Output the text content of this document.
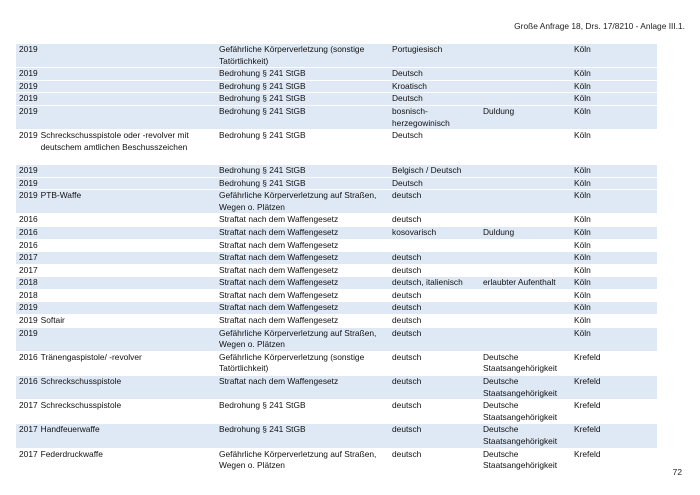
Große Anfrage 18, Drs. 17/8210 - Anlage III.1.
2019	Gefährliche Körperverletzung (sonstige Tatörtlichkeit)	Portugiesisch		Köln

2019	Bedrohung § 241 StGB	Deutsch		Köln

2019	Bedrohung § 241 StGB	Kroatisch		Köln

2019	Bedrohung § 241 StGB	Deutsch		Köln

2019	Bedrohung § 241 StGB	bosnisch-herzegowinisch	Duldung	Köln

2019 Schreckschusspistole oder -revolver mit deutschem amtlichen Beschusszeichen	Bedrohung § 241 StGB	Deutsch		Köln

2019	Bedrohung § 241 StGB	Belgisch / Deutsch		Köln

2019	Bedrohung § 241 StGB	Deutsch		Köln

2019 PTB-Waffe	Gefährliche Körperverletzung auf Straßen, Wegen o. Plätzen	deutsch		Köln

2016	Straftat nach dem Waffengesetz	deutsch		Köln

2016	Straftat nach dem Waffengesetz	kosovarisch	Duldung	Köln

2016	Straftat nach dem Waffengesetz			Köln

2017	Straftat nach dem Waffengesetz	deutsch		Köln

2017	Straftat nach dem Waffengesetz	deutsch		Köln

2018	Straftat nach dem Waffengesetz	deutsch, italienisch	erlaubter Aufenthalt	Köln

2018	Straftat nach dem Waffengesetz	deutsch		Köln

2019	Straftat nach dem Waffengesetz	deutsch		Köln

2019 Softair	Straftat nach dem Waffengesetz	deutsch		Köln

2019	Gefährliche Körperverletzung auf Straßen, Wegen o. Plätzen	deutsch		Köln

2016 Tränengaspistole/ -revolver	Gefährliche Körperverletzung (sonstige Tatörtlichkeit)	deutsch	Deutsche Staatsangehörigkeit	Krefeld

2016 Schreckschusspistole	Straftat nach dem Waffengesetz	deutsch	Deutsche Staatsangehörigkeit	Krefeld

2017 Schreckschusspistole	Bedrohung § 241 StGB	deutsch	Deutsche Staatsangehörigkeit	Krefeld

2017 Handfeuerwaffe	Bedrohung § 241 StGB	deutsch	Deutsche Staatsangehörigkeit	Krefeld

2017 Federdruckwaffe	Gefährliche Körperverletzung auf Straßen, Wegen o. Plätzen	deutsch	Deutsche Staatsangehörigkeit	Krefeld
72
